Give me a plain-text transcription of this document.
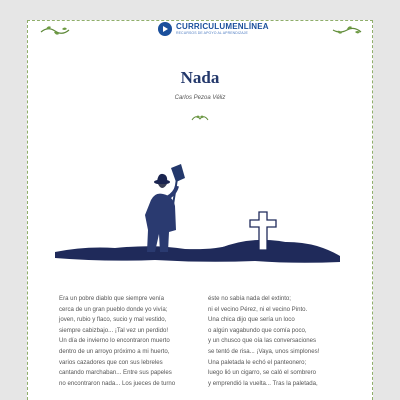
CURRICULUMENLÍNEA
RECURSOS DE APOYO AL APRENDIZAJE
Nada
Carlos Pezoa Véliz

Era un pobre diablo que siempre venía

cerca de un gran pueblo donde yo vivía;

joven, rubio y flaco, sucio y mal vestido,

siempre cabizbajo... ¡Tal vez un perdido!

Un día de invierno lo encontraron muerto

dentro de un arroyo próximo a mi huerto,

varios cazadores que con sus lebreles

cantando marchaban... Entre sus papeles

no encontraron nada... Los jueces de turno

éste no sabía nada del extinto;

ni el vecino Pérez, ni el vecino Pinto.

Una chica dijo que sería un loco

o algún vagabundo que comía poco,

y un chusco que oía las conversaciones

se tentó de risa... ¡Vaya, unos simplones!

Una paletada le echó el panteonero;

luego lió un cigarro, se caló el sombrero

y emprendió la vuelta... Tras la paletada,
